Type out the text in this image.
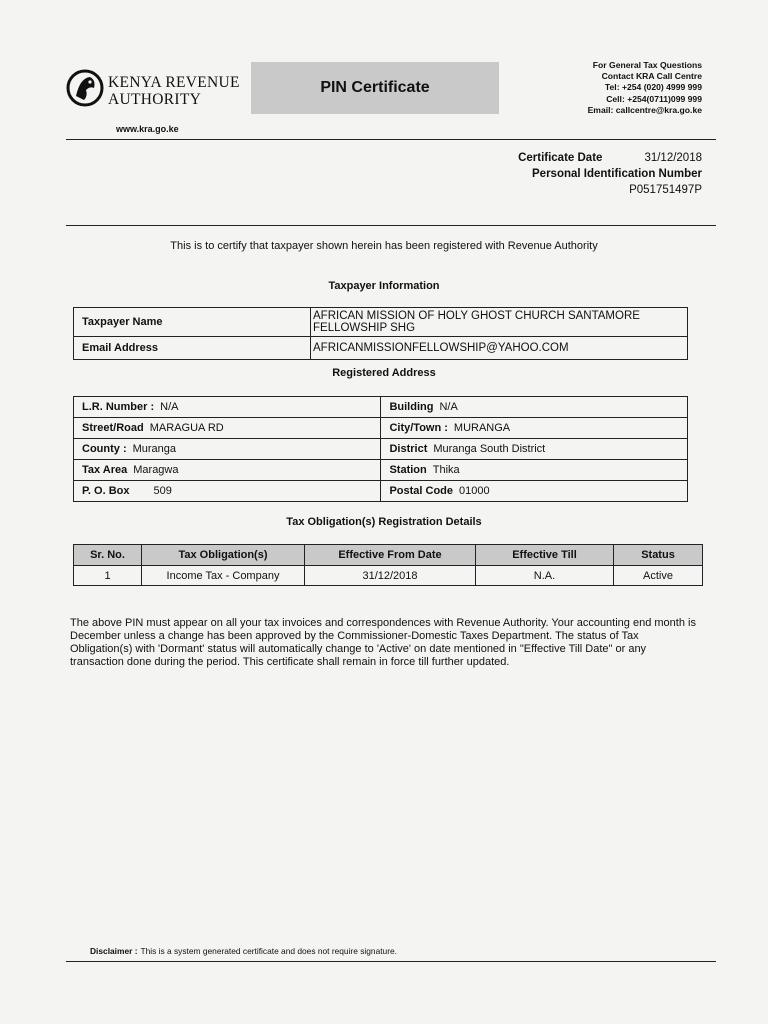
KENYA REVENUE
AUTHORITY
www.kra.go.ke
PIN Certificate
For General Tax Questions
Contact KRA Call Centre
Tel: +254 (020) 4999 999
Cell: +254(0711)099 999
Email: callcentre@kra.go.ke
Certificate Date	31/12/2018
Personal Identification Number
P051751497P
This is to certify that taxpayer shown herein has been registered with Revenue Authority
Taxpayer Information
Taxpayer Name	AFRICAN MISSION OF HOLY GHOST CHURCH SANTAMORE FELLOWSHIP SHG
Email Address	AFRICANMISSIONFELLOWSHIP@YAHOO.COM
Registered Address
L.R. Number : N/A	Building N/A
Street/Road MARAGUA RD	City/Town : MURANGA
County : Muranga	District Muranga South District
Tax Area Maragwa	Station Thika
P. O. Box 509	Postal Code 01000
Tax Obligation(s) Registration Details
Sr. No.	Tax Obligation(s)	Effective From Date	Effective Till	Status
1	Income Tax - Company	31/12/2018	N.A.	Active
The above PIN must appear on all your tax invoices and correspondences with Revenue Authority. Your accounting end month is December unless a change has been approved by the Commissioner-Domestic Taxes Department. The status of Tax Obligation(s) with 'Dormant' status will automatically change to 'Active' on date mentioned in "Effective Till Date" or any transaction done during the period. This certificate shall remain in force till further updated.
Disclaimer : This is a system generated certificate and does not require signature.
